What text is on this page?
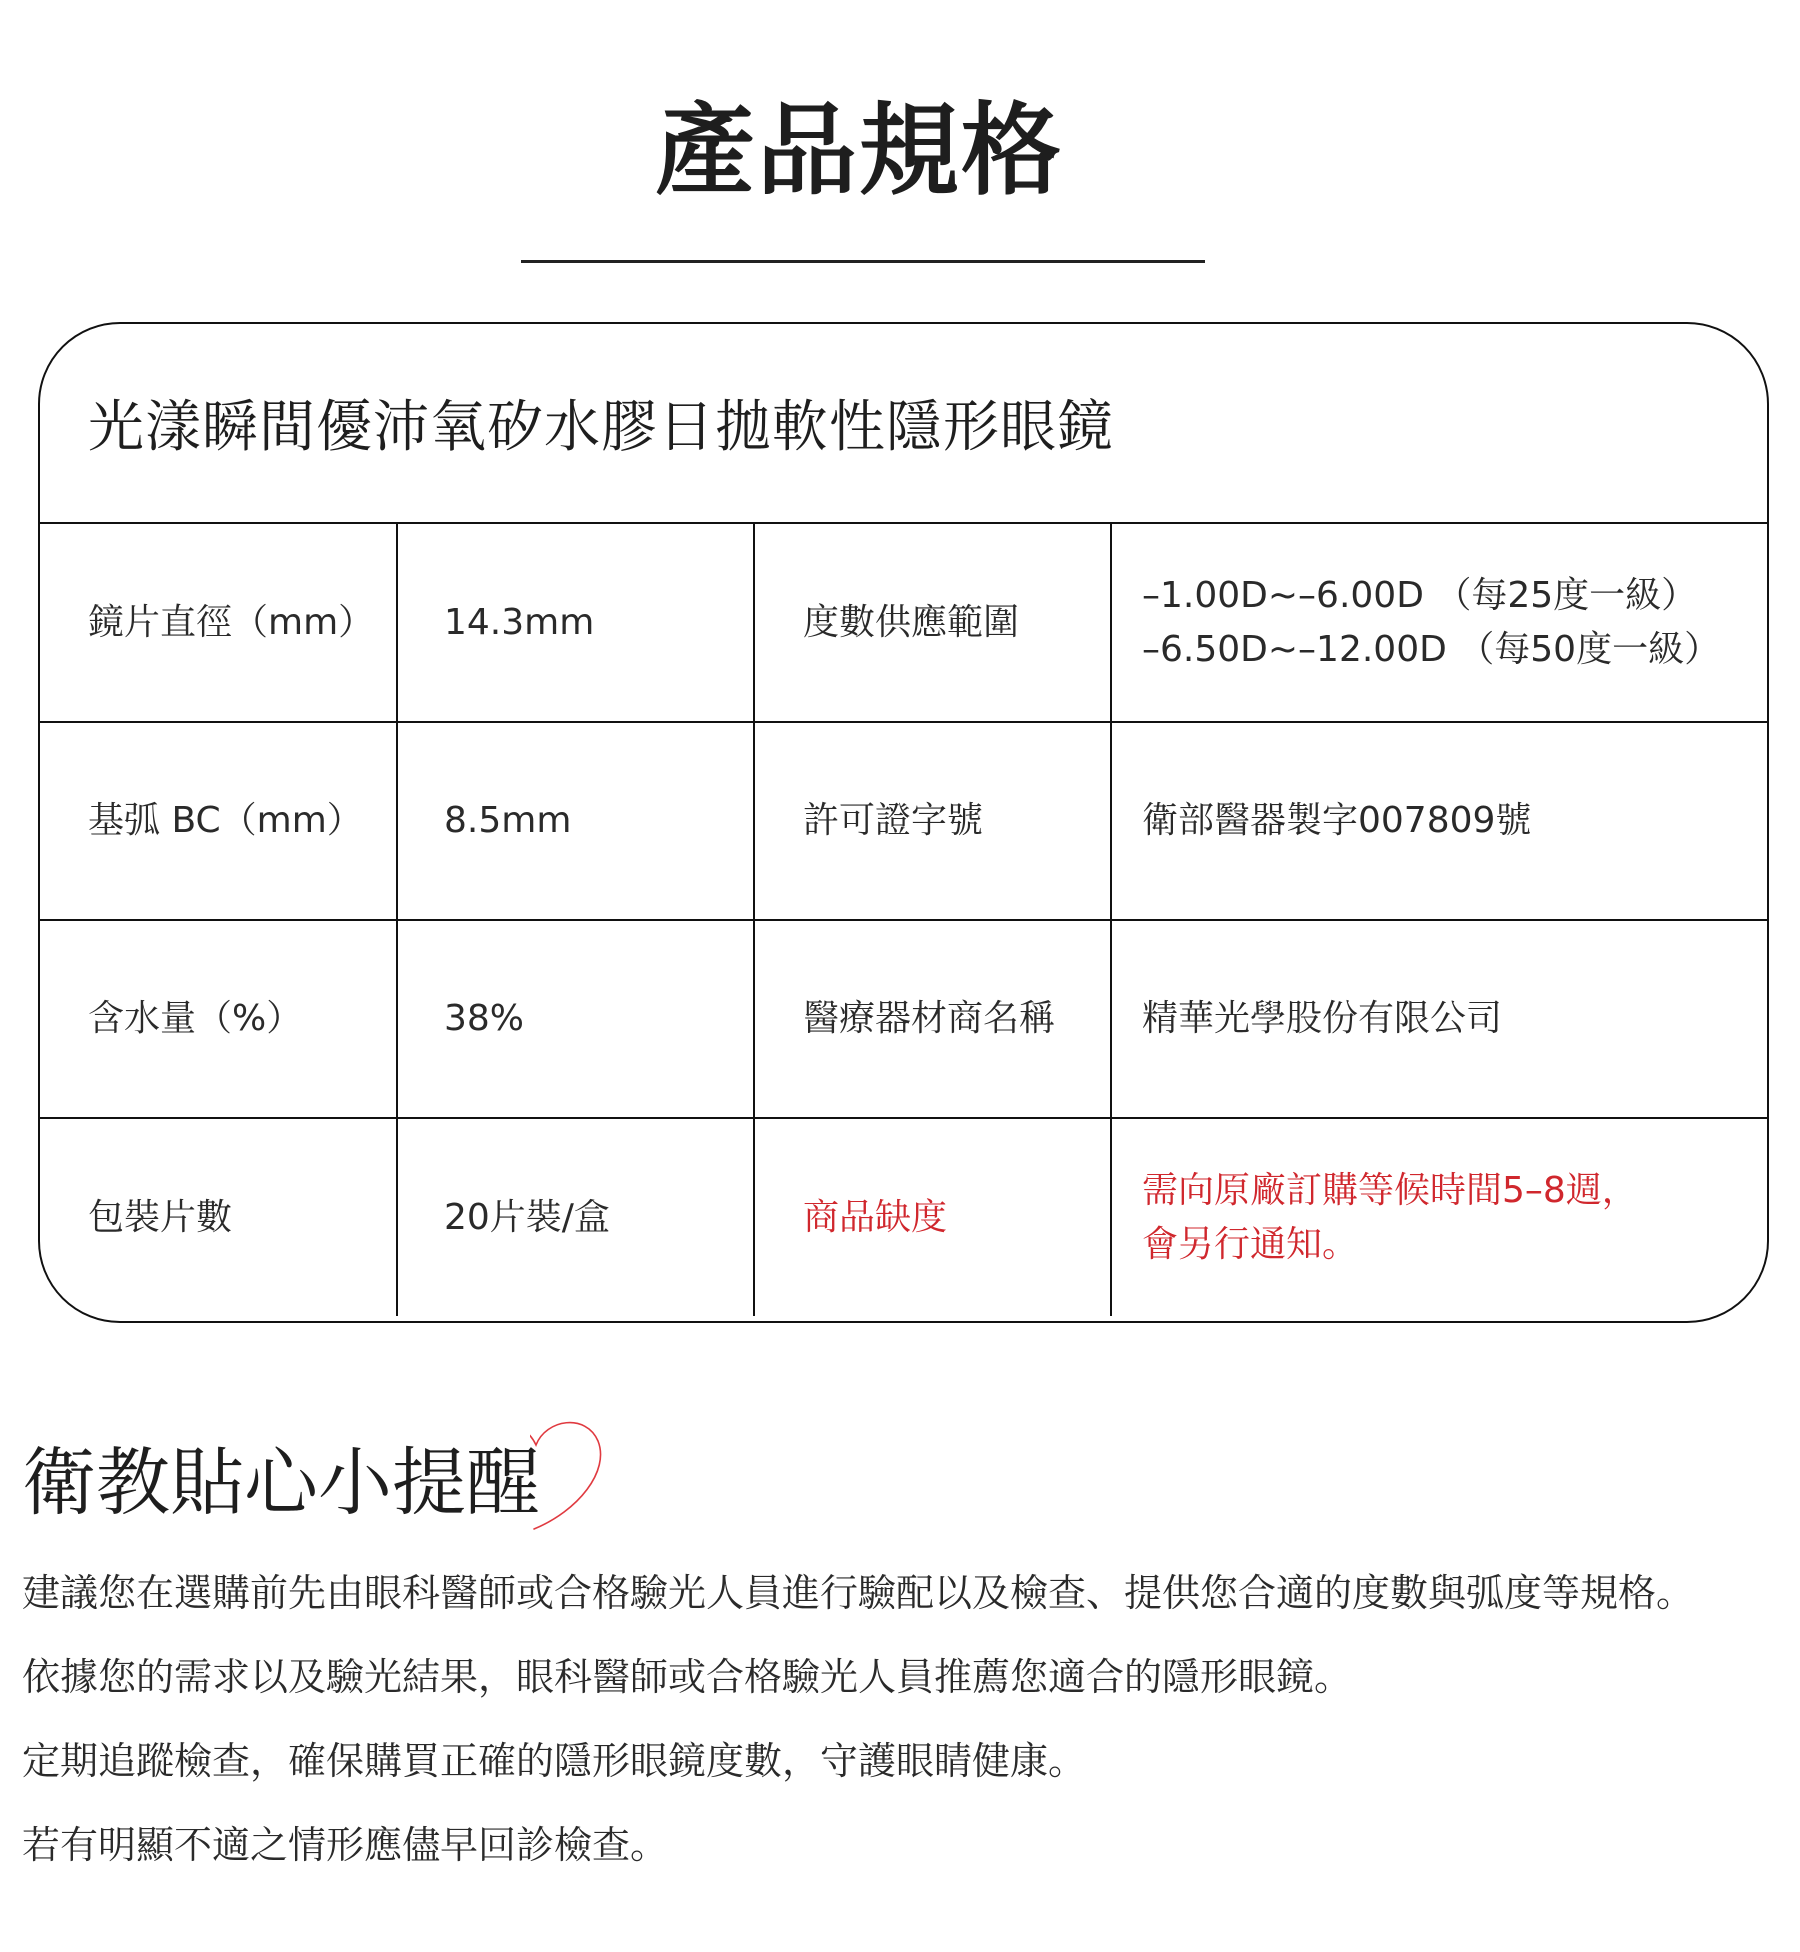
產品規格
光漾瞬間優沛氧矽水膠日拋軟性隱形眼鏡
鏡片直徑（mm）	14.3mm	度數供應範圍	–1.00D~–6.00D （每25度一級）
–6.50D~–12.00D （每50度一級）

基弧 BC（mm）	8.5mm	許可證字號	衛部醫器製字007809號

含水量（%）	38%	醫療器材商名稱	精華光學股份有限公司

包裝片數	20片裝/盒	商品缺度	需向原廠訂購等候時間5–8週，
會另行通知。
衛教貼心小提醒
建議您在選購前先由眼科醫師或合格驗光人員進行驗配以及檢查、提供您合適的度數與弧度等規格。
依據您的需求以及驗光結果，眼科醫師或合格驗光人員推薦您適合的隱形眼鏡。
定期追蹤檢查，確保購買正確的隱形眼鏡度數，守護眼睛健康。
若有明顯不適之情形應儘早回診檢查。
